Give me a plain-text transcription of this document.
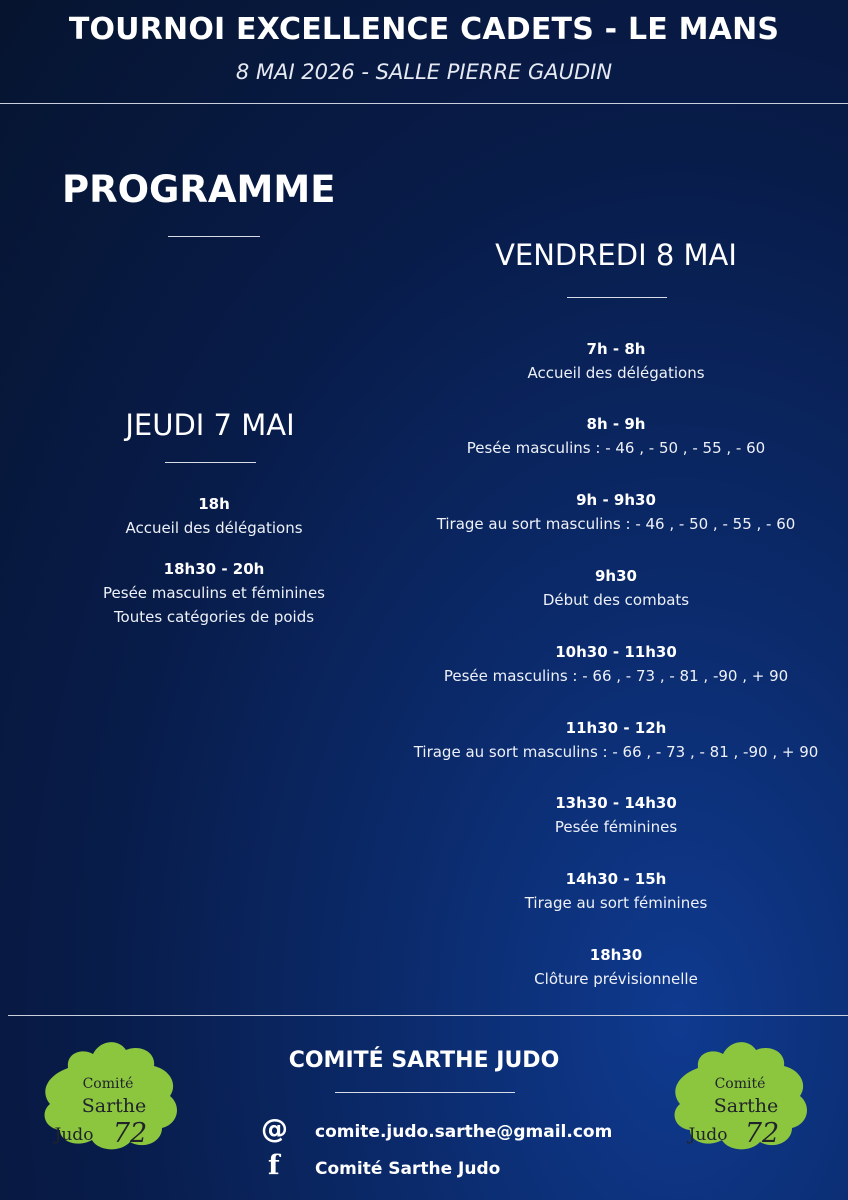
TOURNOI EXCELLENCE CADETS - LE MANS
8 MAI 2026 - SALLE PIERRE GAUDIN
PROGRAMME
JEUDI 7 MAI
18h
Accueil des délégations
18h30 - 20h
Pesée masculins et féminines
Toutes catégories de poids
VENDREDI 8 MAI
7h - 8h
Accueil des délégations
8h - 9h
Pesée masculins : - 46 , - 50 , - 55 , - 60
9h - 9h30
Tirage au sort masculins : - 46 , - 50 , - 55 , - 60
9h30
Début des combats
10h30 - 11h30
Pesée masculins : - 66 , - 73 , - 81 , -90 , + 90
11h30 - 12h
Tirage au sort masculins : - 66 , - 73 , - 81 , -90 , + 90
13h30 - 14h30
Pesée féminines
14h30 - 15h
Tirage au sort féminines
18h30
Clôture prévisionnelle
COMITÉ SARTHE JUDO
@ comite.judo.sarthe@gmail.com
f Comité Sarthe Judo
Comité
Sarthe
Judo 72
Comité
Sarthe
Judo 72
